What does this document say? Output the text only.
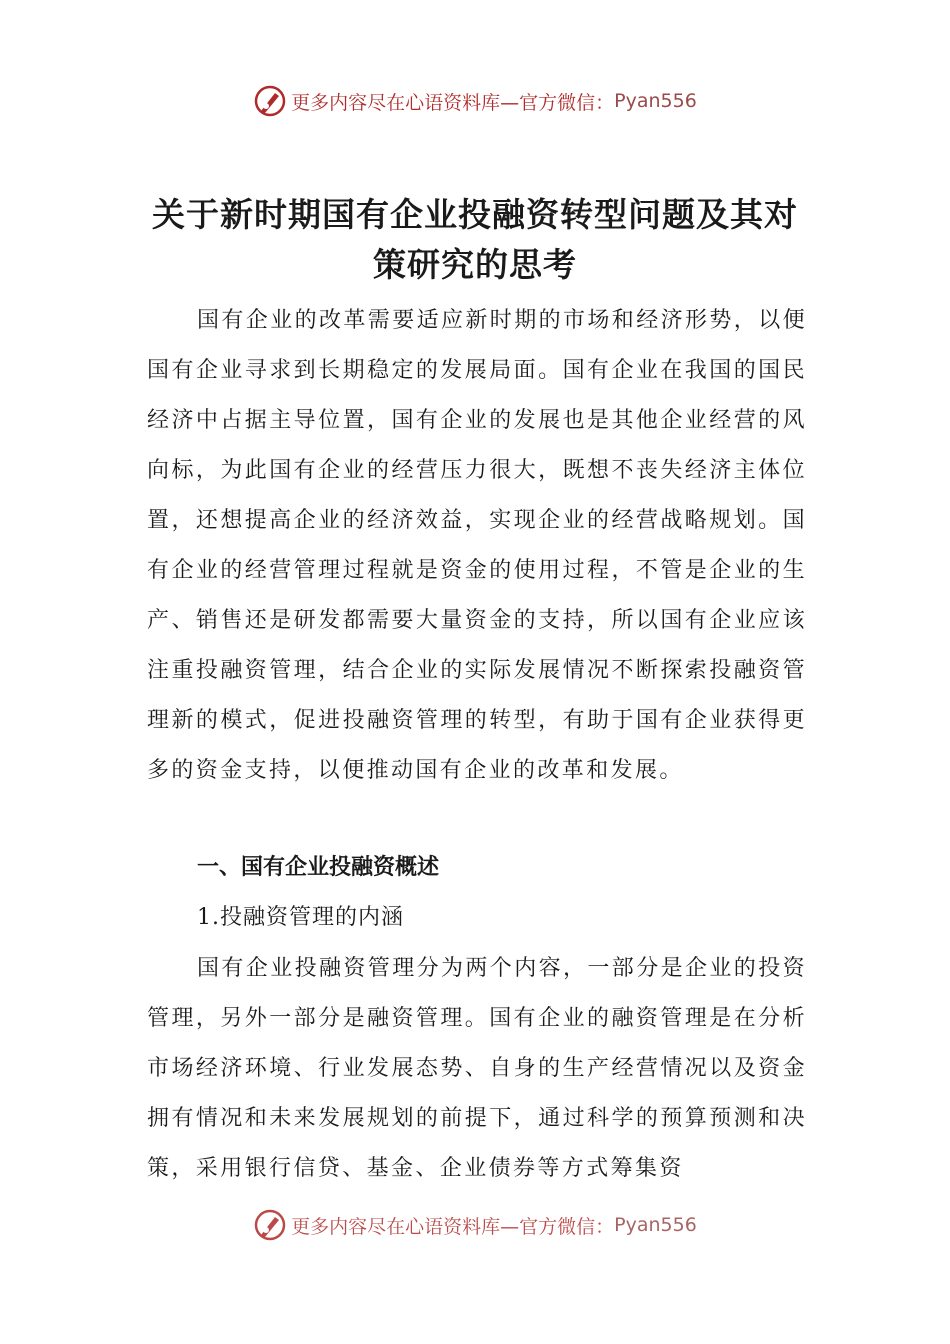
更多内容尽在心语资料库—官方微信： Pyan556
关于新时期国有企业投融资转型问题及其对策研究的思考

国有企业的改革需要适应新时期的市场和经济形势，以便国有企业寻求到长期稳定的发展局面。国有企业在我国的国民经济中占据主导位置，国有企业的发展也是其他企业经营的风向标，为此国有企业的经营压力很大，既想不丧失经济主体位置，还想提高企业的经济效益，实现企业的经营战略规划。国有企业的经营管理过程就是资金的使用过程，不管是企业的生产、销售还是研发都需要大量资金的支持，所以国有企业应该注重投融资管理，结合企业的实际发展情况不断探索投融资管理新的模式，促进投融资管理的转型，有助于国有企业获得更多的资金支持，以便推动国有企业的改革和发展。

一、国有企业投融资概述
1.投融资管理的内涵

国有企业投融资管理分为两个内容，一部分是企业的投资管理，另外一部分是融资管理。国有企业的融资管理是在分析市场经济环境、行业发展态势、自身的生产经营情况以及资金拥有情况和未来发展规划的前提下，通过科学的预算预测和决策，采用银行信贷、基金、企业债券等方式筹集资

更多内容尽在心语资料库—官方微信： Pyan556
